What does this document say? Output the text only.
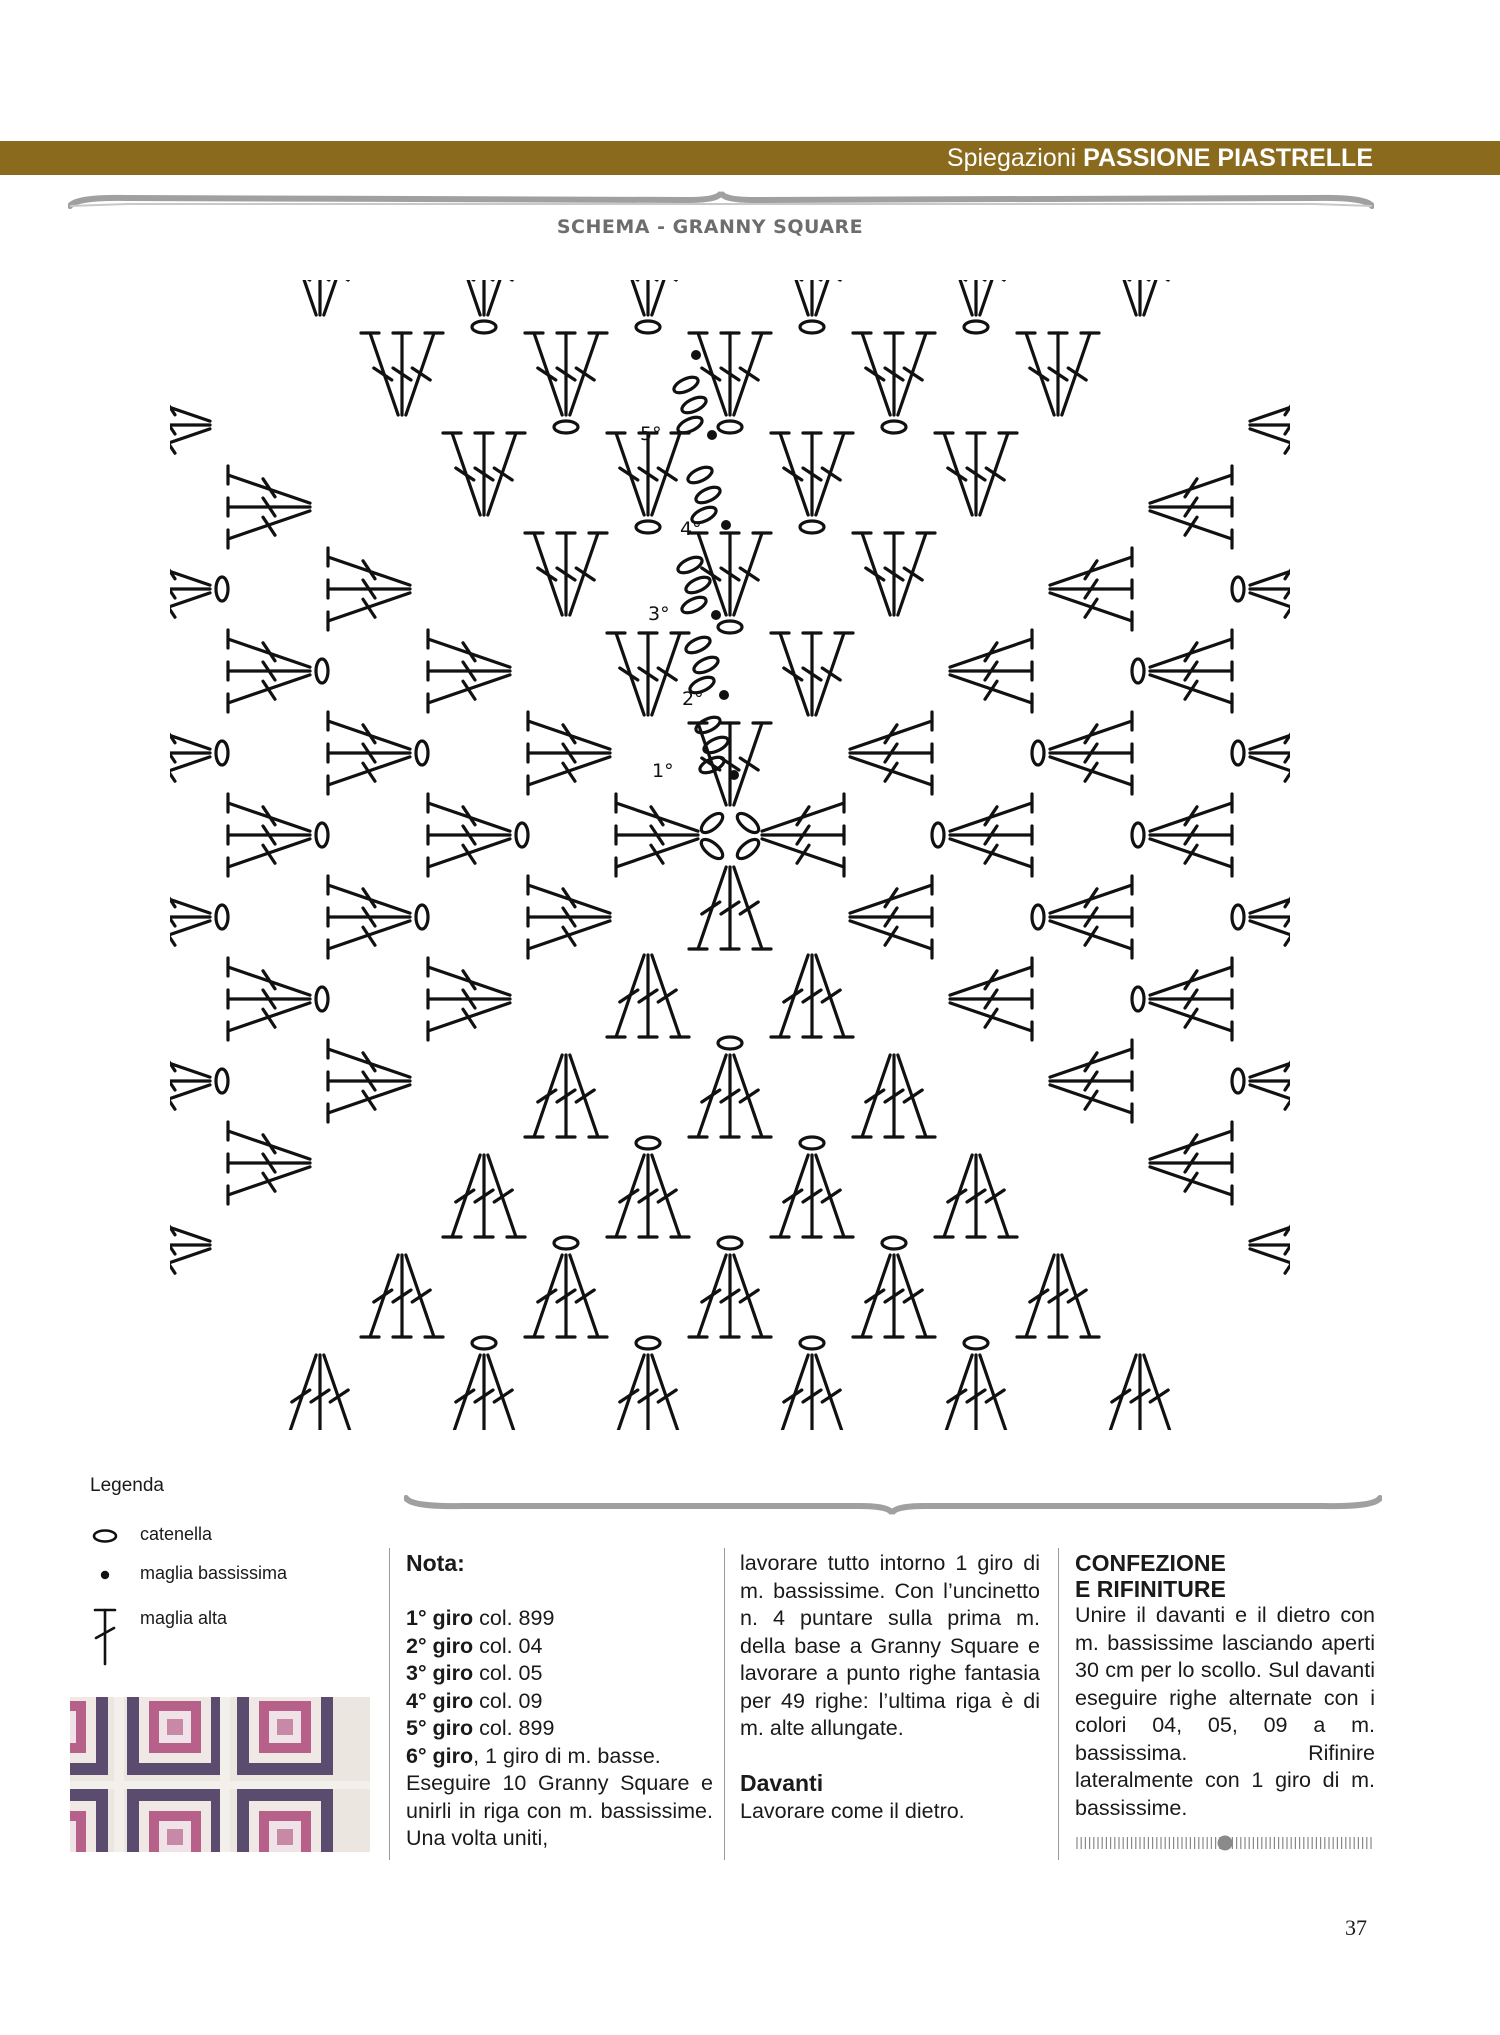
Spiegazioni PASSIONE PIASTRELLE
SCHEMA - GRANNY SQUARE
1°
2°
3°
4°
5°
Legenda
catenella
maglia bassissima
maglia alta

Nota:

1° giro col. 899

2° giro col. 04

3° giro col. 05

4° giro col. 09

5° giro col. 899

6° giro, 1 giro di m. basse.

Eseguire 10 Granny Square e unirli in riga con m. bassissime. Una volta uniti,

lavorare tutto intorno 1 giro di m. bassissime. Con l’uncinetto n. 4 puntare sulla prima m. della base a Granny Square e lavorare a punto righe fantasia per 49 righe: l’ultima riga è di m. alte allungate.

Davanti

Lavorare come il dietro.

CONFEZIONE

E RIFINITURE

Unire il davanti e il dietro con m. bassissime lasciando aperti 30 cm per lo scollo. Sul davanti eseguire righe alternate con i colori 04, 05, 09 a m. bassissima. Rifinire lateralmente con 1 giro di m. bassissime.

37
